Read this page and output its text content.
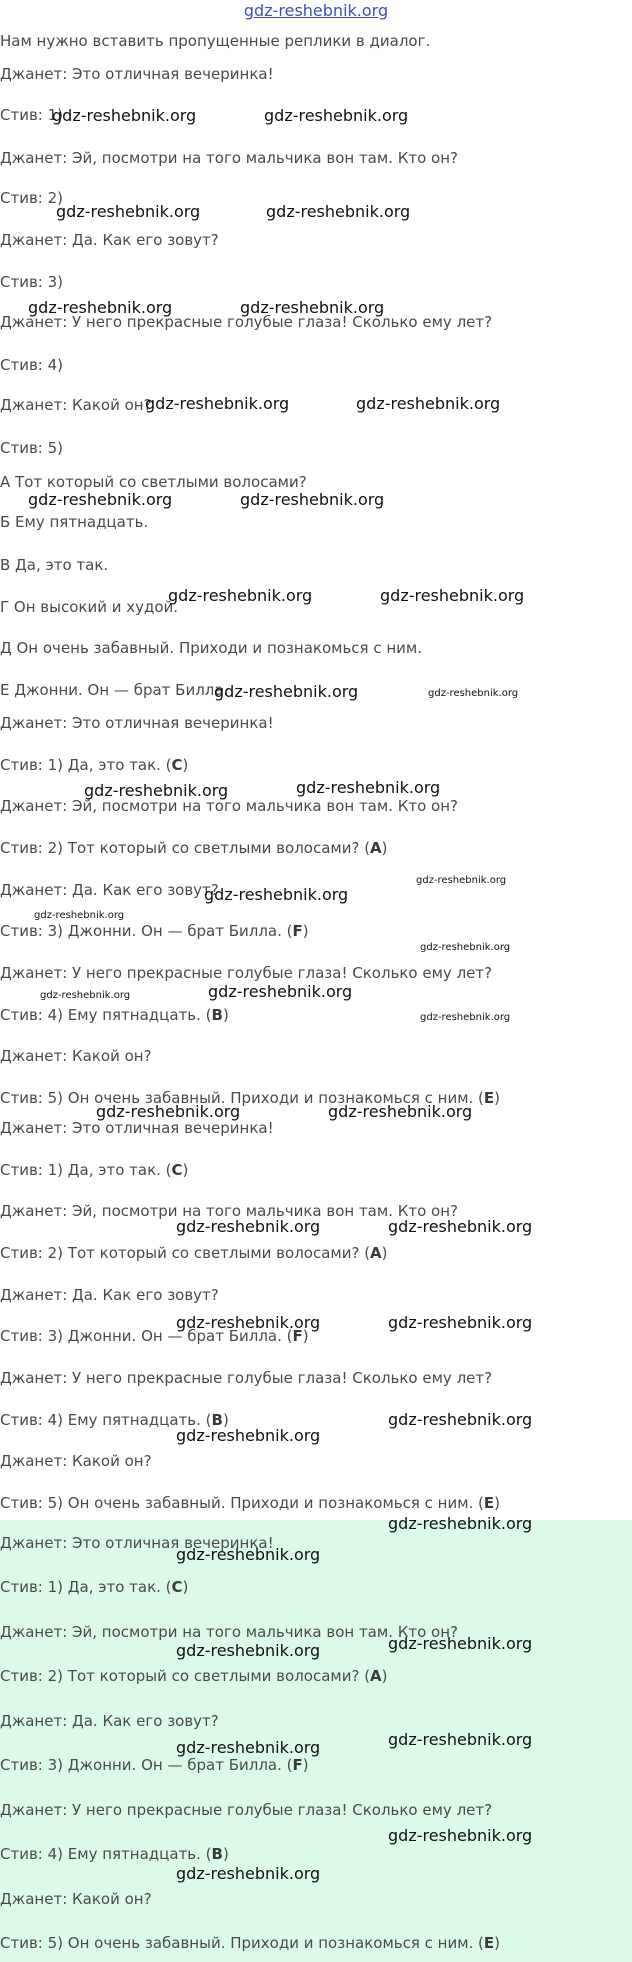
gdz-reshebnik.org
Нам нужно вставить пропущенные реплики в диалог.
Джанет: Это отличная вечеринка!
Стив: 1)
Джанет: Эй, посмотри на того мальчика вон там. Кто он?
Стив: 2)
Джанет: Да. Как его зовут?
Стив: 3)
Джанет: У него прекрасные голубые глаза! Сколько ему лет?
Стив: 4)
Джанет: Какой он?
Стив: 5)
А Тот который со светлыми волосами?
Б Ему пятнадцать.
В Да, это так.
Г Он высокий и худой.
Д Он очень забавный. Приходи и познакомься с ним.
Е Джонни. Он — брат Билла.
Джанет: Это отличная вечеринка!
Стив: 1) Да, это так. (C)
Джанет: Эй, посмотри на того мальчика вон там. Кто он?
Стив: 2) Тот который со светлыми волосами? (A)
Джанет: Да. Как его зовут?
Стив: 3) Джонни. Он — брат Билла. (F)
Джанет: У него прекрасные голубые глаза! Сколько ему лет?
Стив: 4) Ему пятнадцать. (B)
Джанет: Какой он?
Стив: 5) Он очень забавный. Приходи и познакомься с ним. (E)
Джанет: Это отличная вечеринка!
Стив: 1) Да, это так. (C)
Джанет: Эй, посмотри на того мальчика вон там. Кто он?
Стив: 2) Тот который со светлыми волосами? (A)
Джанет: Да. Как его зовут?
Стив: 3) Джонни. Он — брат Билла. (F)
Джанет: У него прекрасные голубые глаза! Сколько ему лет?
Стив: 4) Ему пятнадцать. (B)
Джанет: Какой он?
Стив: 5) Он очень забавный. Приходи и познакомься с ним. (E)
Джанет: Это отличная вечеринка!
Стив: 1) Да, это так. (C)
Джанет: Эй, посмотри на того мальчика вон там. Кто он?
Стив: 2) Тот который со светлыми волосами? (A)
Джанет: Да. Как его зовут?
Стив: 3) Джонни. Он — брат Билла. (F)
Джанет: У него прекрасные голубые глаза! Сколько ему лет?
Стив: 4) Ему пятнадцать. (B)
Джанет: Какой он?
Стив: 5) Он очень забавный. Приходи и познакомься с ним. (E)
gdz-reshebnik.org	gdz-reshebnik.org
gdz-reshebnik.org	gdz-reshebnik.org
gdz-reshebnik.org	gdz-reshebnik.org
gdz-reshebnik.org	gdz-reshebnik.org
gdz-reshebnik.org	gdz-reshebnik.org
gdz-reshebnik.org	gdz-reshebnik.org
gdz-reshebnik.org	gdz-reshebnik.org
gdz-reshebnik.org	gdz-reshebnik.org
gdz-reshebnik.org
gdz-reshebnik.org
gdz-reshebnik.org
gdz-reshebnik.org
gdz-reshebnik.org	gdz-reshebnik.org
gdz-reshebnik.org
gdz-reshebnik.org	gdz-reshebnik.org
gdz-reshebnik.org	gdz-reshebnik.org
gdz-reshebnik.org	gdz-reshebnik.org
gdz-reshebnik.org
gdz-reshebnik.org
gdz-reshebnik.org
gdz-reshebnik.org
gdz-reshebnik.org
gdz-reshebnik.org
gdz-reshebnik.org
gdz-reshebnik.org
gdz-reshebnik.org
gdz-reshebnik.org
